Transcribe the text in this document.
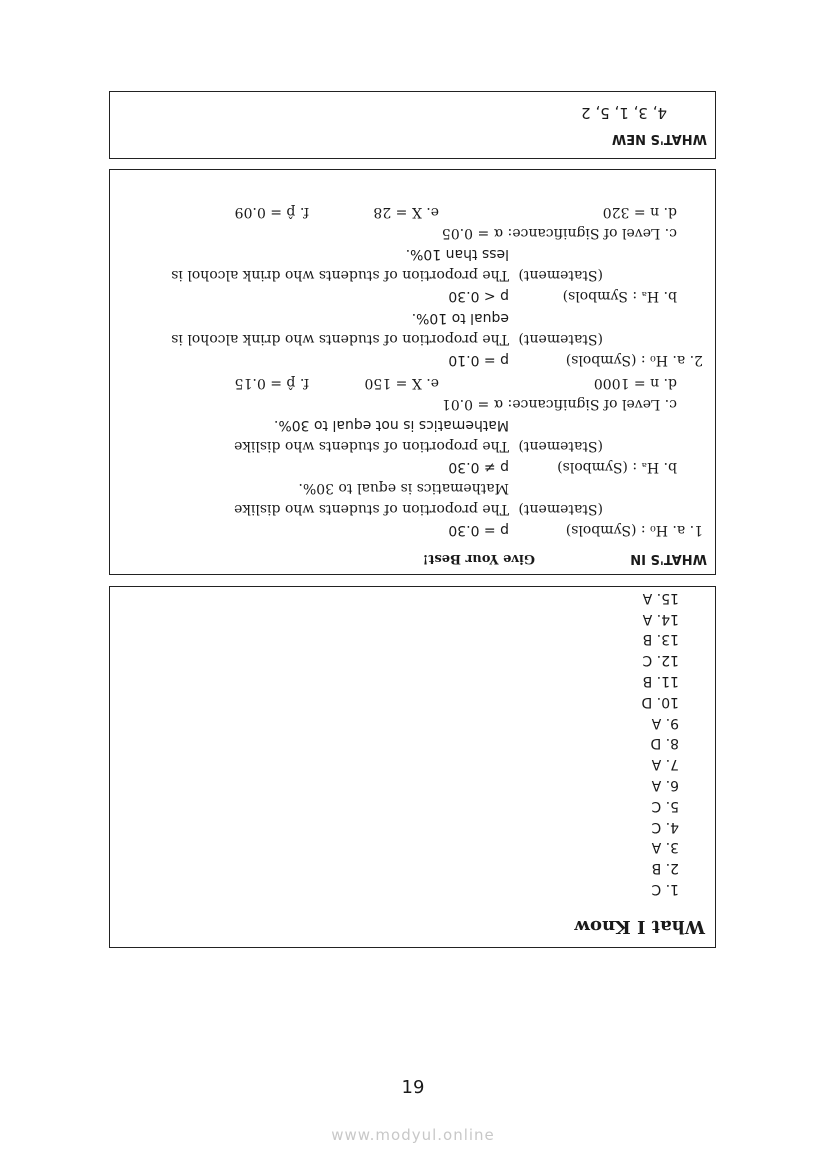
WHAT'S NEW
4, 3, 1, 5, 2
WHAT'S IN
Give Your Best!
1. a. H₀ : (Symbols)
p = 0.30
(Statement)
The proportion of students who dislike
Mathematics is equal to 30%.
b. Hₐ : (Symbols)
p ≠ 0.30
(Statement)
The proportion of students who dislike
Mathematics is not equal to 30%.
c. Level of Significance: α = 0.01
d. n = 1000
e. X = 150
f. p̂ = 0.15
2. a. H₀ : (Symbols)
p = 0.10
(Statement)
The proportion of students who drink alcohol is
equal to 10%.
b. Hₐ : Symbols)
p < 0.30
(Statement)
The proportion of students who drink alcohol is
less than 10%.
c. Level of Significance: α = 0.05
d. n = 320
e. X = 28
f. p̂ = 0.09
What I Know
1. C
2. B
3. A
4. C
5. C
6. A
7. A
8. D
9. A
10. D
11. B
12. C
13. B
14. A
15. A
19
www.modyul.online
